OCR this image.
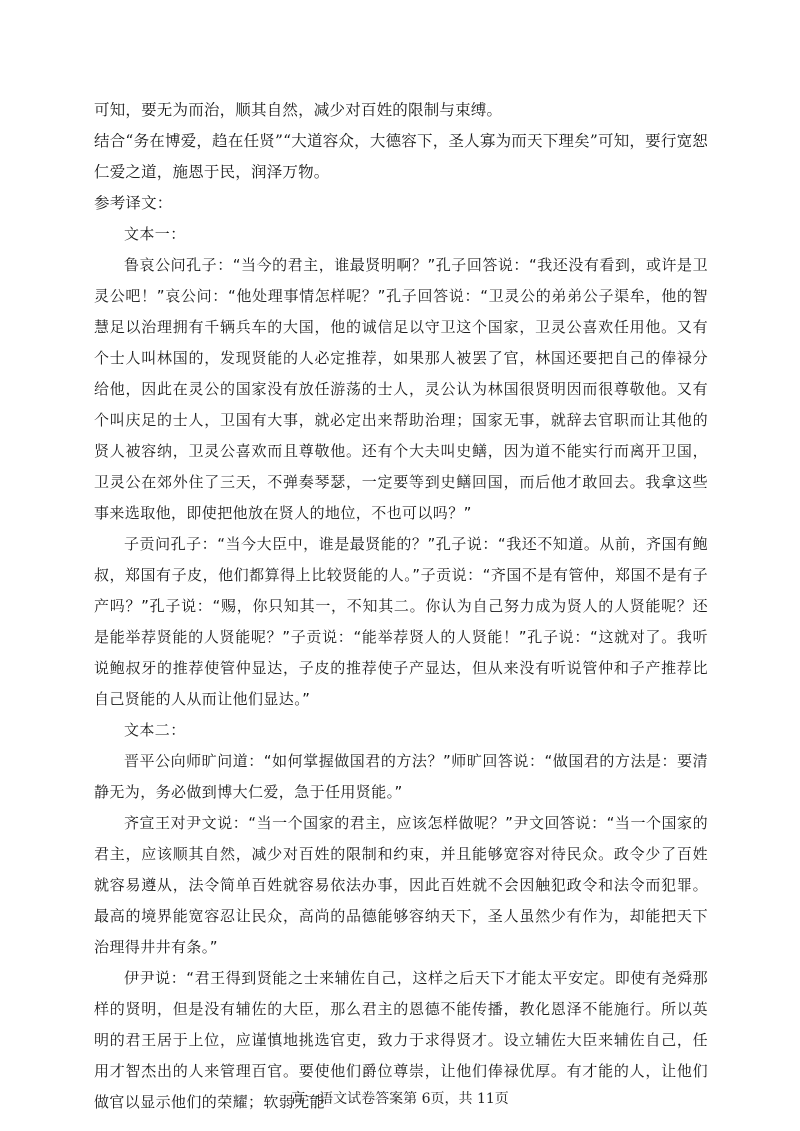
可知，要无为而治，顺其自然，减少对百姓的限制与束缚。

结合“务在博爱，趋在任贤”“大道容众，大德容下，圣人寡为而天下理矣”可知，要行宽恕仁爱之道，施恩于民，润泽万物。

参考译文：

文本一：

鲁哀公问孔子：“当今的君主，谁最贤明啊？”孔子回答说：“我还没有看到，或许是卫灵公吧！”哀公问：“他处理事情怎样呢？”孔子回答说：“卫灵公的弟弟公子渠牟，他的智慧足以治理拥有千辆兵车的大国，他的诚信足以守卫这个国家，卫灵公喜欢任用他。又有个士人叫林国的，发现贤能的人必定推荐，如果那人被罢了官，林国还要把自己的俸禄分给他，因此在灵公的国家没有放任游荡的士人，灵公认为林国很贤明因而很尊敬他。又有个叫庆足的士人，卫国有大事，就必定出来帮助治理；国家无事，就辞去官职而让其他的贤人被容纳，卫灵公喜欢而且尊敬他。还有个大夫叫史鳝，因为道不能实行而离开卫国，卫灵公在郊外住了三天，不弹奏琴瑟，一定要等到史鳝回国，而后他才敢回去。我拿这些事来选取他，即使把他放在贤人的地位，不也可以吗？”

子贡问孔子：“当今大臣中，谁是最贤能的？”孔子说：“我还不知道。从前，齐国有鲍叔，郑国有子皮，他们都算得上比较贤能的人。”子贡说：“齐国不是有管仲，郑国不是有子产吗？”孔子说：“赐，你只知其一，不知其二。你认为自己努力成为贤人的人贤能呢？还是能举荐贤能的人贤能呢？”子贡说：“能举荐贤人的人贤能！”孔子说：“这就对了。我听说鲍叔牙的推荐使管仲显达，子皮的推荐使子产显达，但从来没有听说管仲和子产推荐比自己贤能的人从而让他们显达。”

文本二：

晋平公向师旷问道：“如何掌握做国君的方法？”师旷回答说：“做国君的方法是：要清静无为，务必做到博大仁爱，急于任用贤能。”

齐宣王对尹文说：“当一个国家的君主，应该怎样做呢？”尹文回答说：“当一个国家的君主，应该顺其自然，减少对百姓的限制和约束，并且能够宽容对待民众。政令少了百姓就容易遵从，法令简单百姓就容易依法办事，因此百姓就不会因触犯政令和法令而犯罪。最高的境界能宽容忍让民众，高尚的品德能够容纳天下，圣人虽然少有作为，却能把天下治理得井井有条。”

伊尹说：“君王得到贤能之士来辅佐自己，这样之后天下才能太平安定。即使有尧舜那样的贤明，但是没有辅佐的大臣，那么君主的恩德不能传播，教化恩泽不能施行。所以英明的君王居于上位，应谨慎地挑选官吏，致力于求得贤才。设立辅佐大臣来辅佐自己，任用才智杰出的人来管理百官。要使他们爵位尊崇，让他们俸禄优厚。有才能的人，让他们做官以显示他们的荣耀；软弱无能

高一语文试卷答案第 6页，共 11页
